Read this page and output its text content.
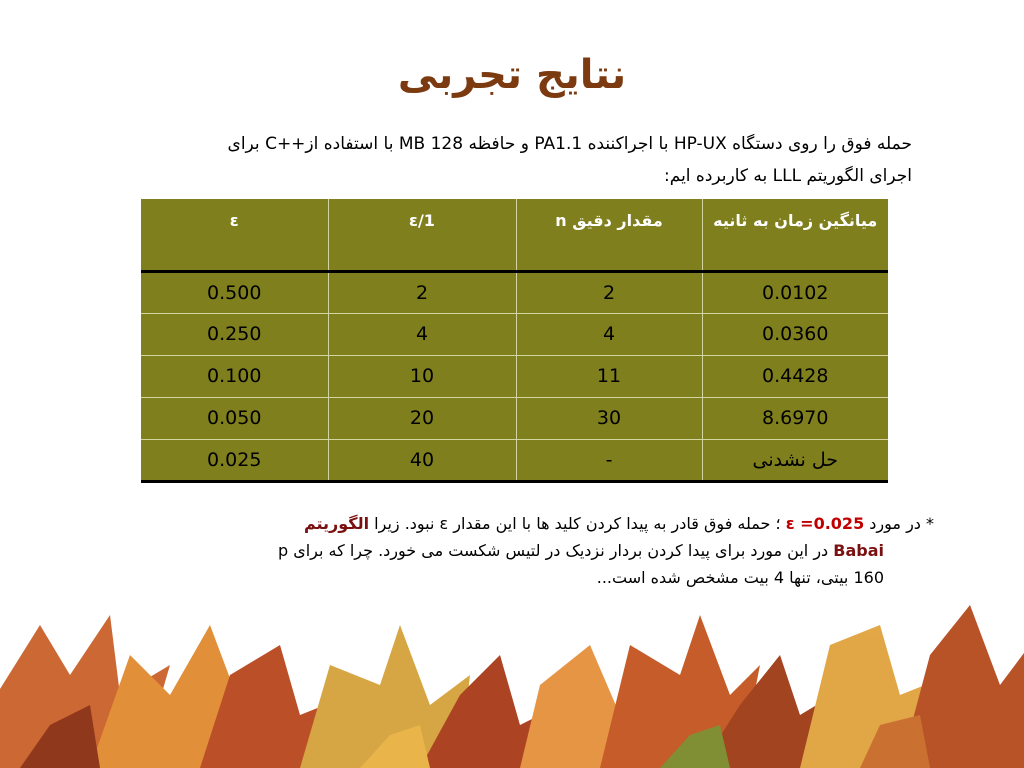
نتایج تجربی
حمله فوق را روی دستگاه HP-UX با اجراکننده PA1.1 و حافظه 128 MB با استفاده از++C برای
اجرای الگوریتم LLL به کاربرده ایم:
میانگین زمان به ثانیه	مقدار دقیق n	1/ε	ε
0.0102	2	2	0.500
0.0360	4	4	0.250
0.4428	11	10	0.100
8.6970	30	20	0.050
حل نشدنی	-	40	0.025
* در مورد ε =0.025 ؛ حمله فوق قادر به پیدا کردن کلید ها با این مقدار ε نبود. زیرا الگوریتم
Babai در این مورد برای پیدا کردن بردار نزدیک در لتیس شکست می خورد. چرا که برای p
160 بیتی، تنها 4 بیت مشخص شده است...
